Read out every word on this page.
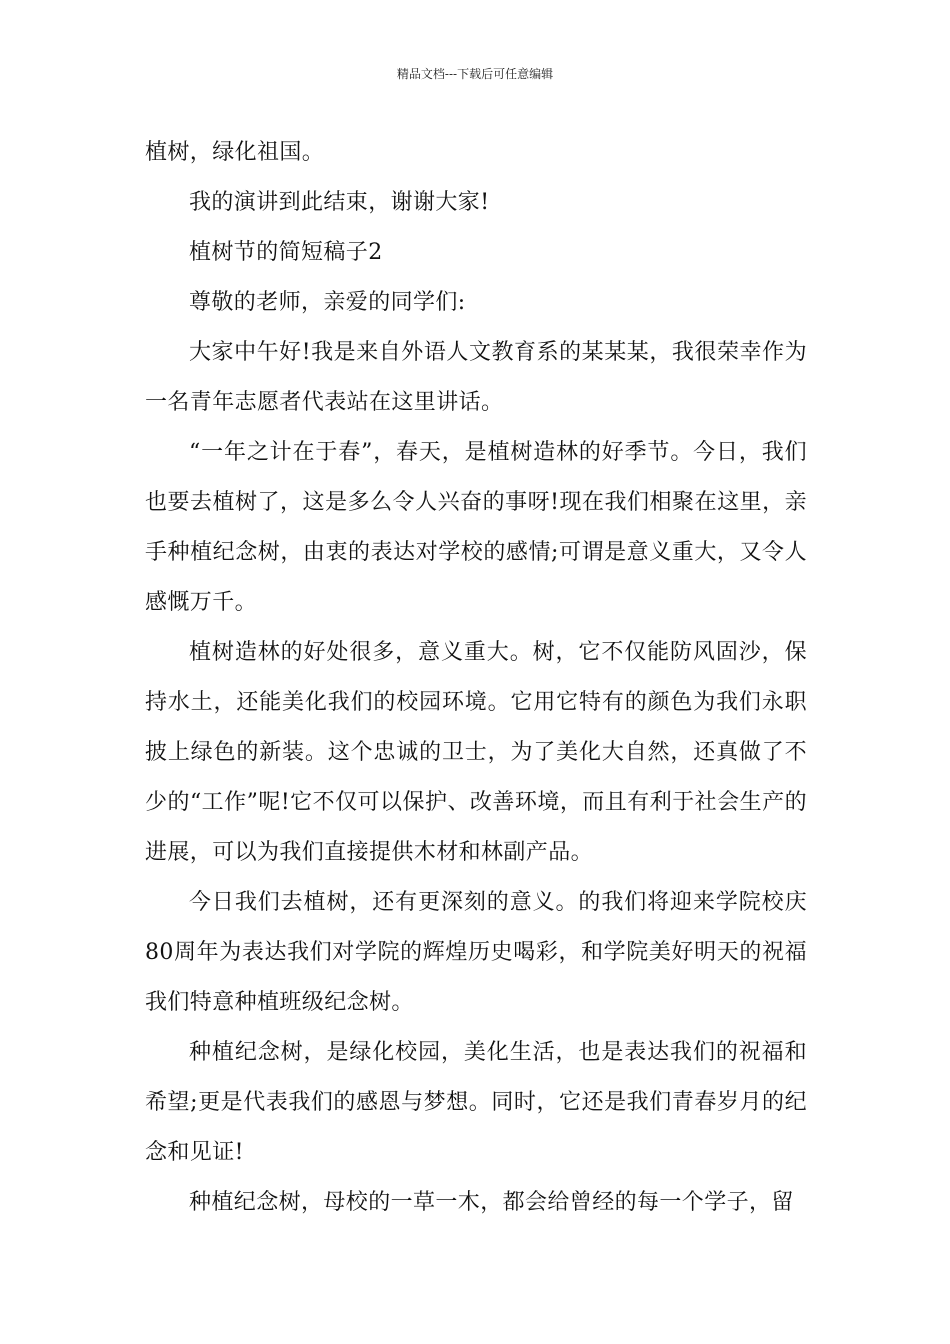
精品文档---下载后可任意编辑

植树，绿化祖国。

我的演讲到此结束，谢谢大家!

植树节的简短稿子2

尊敬的老师，亲爱的同学们:

大家中午好!我是来自外语人文教育系的某某某，我很荣幸作为一名青年志愿者代表站在这里讲话。

“一年之计在于春”，春天，是植树造林的好季节。今日，我们也要去植树了，这是多么令人兴奋的事呀!现在我们相聚在这里，亲手种植纪念树，由衷的表达对学校的感情;可谓是意义重大，又令人感慨万千。

植树造林的好处很多，意义重大。树，它不仅能防风固沙，保持水土，还能美化我们的校园环境。它用它特有的颜色为我们永职披上绿色的新装。这个忠诚的卫士，为了美化大自然，还真做了不少的“工作”呢!它不仅可以保护、改善环境，而且有利于社会生产的进展，可以为我们直接提供木材和林副产品。

今日我们去植树，还有更深刻的意义。的我们将迎来学院校庆80周年为表达我们对学院的辉煌历史喝彩，和学院美好明天的祝福我们特意种植班级纪念树。

种植纪念树，是绿化校园，美化生活，也是表达我们的祝福和希望;更是代表我们的感恩与梦想。同时，它还是我们青春岁月的纪念和见证!

种植纪念树，母校的一草一木，都会给曾经的每一个学子，留
